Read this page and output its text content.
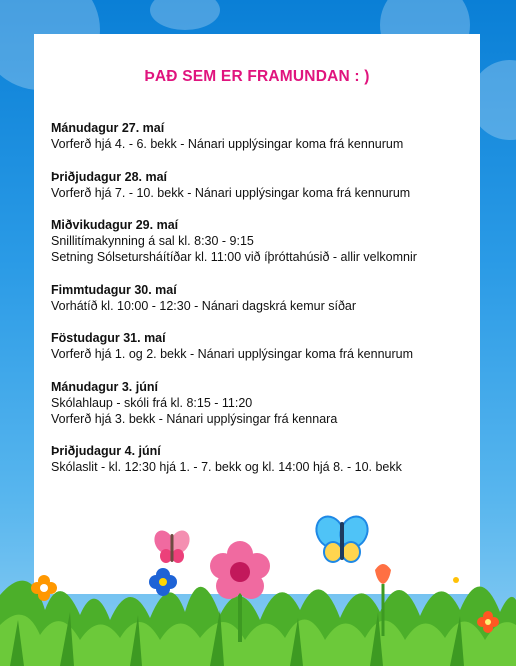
ÞAÐ SEM ER FRAMUNDAN : )
Mánudagur 27. maí
Vorferð hjá 4. - 6. bekk - Nánari upplýsingar koma frá kennurum
Þriðjudagur 28. maí
Vorferð hjá 7. - 10. bekk - Nánari upplýsingar koma frá kennurum
Miðvikudagur 29. maí
Snillitímakynning á sal kl. 8:30 - 9:15
Setning Sólsetursháítíðar kl. 11:00 við íþróttahúsið - allir velkomnir
Fimmtudagur 30. maí
Vorhátíð kl. 10:00 - 12:30 - Nánari dagskrá kemur síðar
Föstudagur 31. maí
Vorferð hjá 1. og 2. bekk - Nánari upplýsingar koma frá kennurum
Mánudagur 3. júní
Skólahlaup - skóli frá kl. 8:15 - 11:20
Vorferð hjá 3. bekk - Nánari upplýsingar frá kennara
Þriðjudagur 4. júní
Skólaslit - kl. 12:30 hjá 1. - 7. bekk og kl. 14:00 hjá 8. - 10. bekk
